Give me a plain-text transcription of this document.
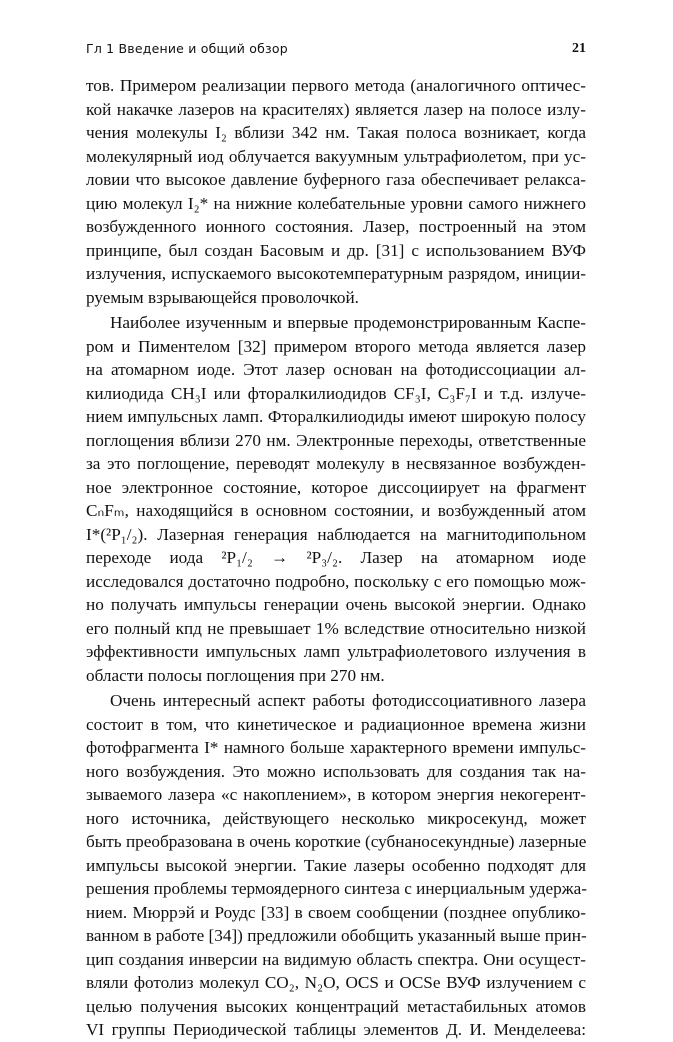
Гл 1 Введение и общий обзор	21
тов. Примером реализации первого метода (аналогичного оптичес-
кой накачке лазеров на красителях) является лазер на полосе излу-
чения молекулы I₂ вблизи 342 нм. Такая полоса возникает, когда
молекулярный иод облучается вакуумным ультрафиолетом, при ус-
ловии что высокое давление буферного газа обеспечивает релакса-
цию молекул I₂* на нижние колебательные уровни самого нижнего
возбужденного ионного состояния. Лазер, построенный на этом
принципе, был создан Басовым и др. [31] с использованием ВУФ
излучения, испускаемого высокотемпературным разрядом, иниции-
руемым взрывающейся проволочкой.
Наиболее изученным и впервые продемонстрированным Каспе-
ром и Пиментелом [32] примером второго метода является лазер
на атомарном иоде. Этот лазер основан на фотодиссоциации ал-
килиодида CH₃I или фторалкилиодидов CF₃I, C₃F₇I и т.д. излуче-
нием импульсных ламп. Фторалкилиодиды имеют широкую полосу
поглощения вблизи 270 нм. Электронные переходы, ответственные
за это поглощение, переводят молекулу в несвязанное возбужден-
ное электронное состояние, которое диссоциирует на фрагмент
CₙFₘ, находящийся в основном состоянии, и возбужденный атом
I*(²P₁/₂). Лазерная генерация наблюдается на магнитодипольном
переходе иода ²P₁/₂ → ²P₃/₂. Лазер на атомарном иоде
исследовался достаточно подробно, поскольку с его помощью мож-
но получать импульсы генерации очень высокой энергии. Однако
его полный кпд не превышает 1% вследствие относительно низкой
эффективности импульсных ламп ультрафиолетового излучения в
области полосы поглощения при 270 нм.
Очень интересный аспект работы фотодиссоциативного лазера
состоит в том, что кинетическое и радиационное времена жизни
фотофрагмента I* намного больше характерного времени импульс-
ного возбуждения. Это можно использовать для создания так на-
зываемого лазера «с накоплением», в котором энергия некогерент-
ного источника, действующего несколько микросекунд, может
быть преобразована в очень короткие (субнаносекундные) лазерные
импульсы высокой энергии. Такие лазеры особенно подходят для
решения проблемы термоядерного синтеза с инерциальным удержа-
нием. Мюррэй и Роудс [33] в своем сообщении (позднее опублико-
ванном в работе [34]) предложили обобщить указанный выше прин-
цип создания инверсии на видимую область спектра. Они осущест-
вляли фотолиз молекул CO₂, N₂O, OCS и OCSe ВУФ излучением с
целью получения высоких концентраций метастабильных атомов
VI группы Периодической таблицы элементов Д. И. Менделеева:
